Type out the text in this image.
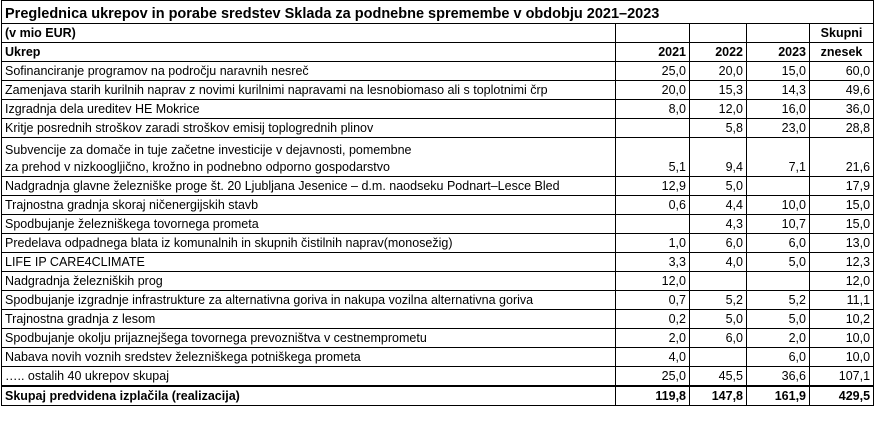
Preglednica ukrepov in porabe sredstev Sklada za podnebne spremembe v obdobju 2021–2023				
(v mio EUR)				Skupni
Ukrep	2021	2022	2023	znesek
Sofinanciranje programov na področju naravnih nesreč	25,0	20,0	15,0	60,0
Zamenjava starih kurilnih naprav z novimi kurilnimi napravami na lesnobiomaso ali s toplotnimi črp	20,0	15,3	14,3	49,6
Izgradnja dela ureditev HE Mokrice	8,0	12,0	16,0	36,0
Kritje posrednih stroškov zaradi stroškov emisij toplogrednih plinov		5,8	23,0	28,8

Subvencije za domače in tuje začetne investicije v dejavnosti, pomembne
za prehod v nizkoogljično, krožno in podnebno odporno gospodarstvo	5,1	9,4	7,1	21,6
Nadgradnja glavne železniške proge št. 20 Ljubljana Jesenice – d.m. naodseku Podnart–Lesce Bled	12,9	5,0		17,9
Trajnostna gradnja skoraj ničenergijskih stavb	0,6	4,4	10,0	15,0
Spodbujanje železniškega tovornega prometa		4,3	10,7	15,0
Predelava odpadnega blata iz komunalnih in skupnih čistilnih naprav(monosežig)	1,0	6,0	6,0	13,0
LIFE IP CARE4CLIMATE	3,3	4,0	5,0	12,3
Nadgradnja železniških prog	12,0			12,0
Spodbujanje izgradnje infrastrukture za alternativna goriva in nakupa vozilna alternativna goriva	0,7	5,2	5,2	11,1
Trajnostna gradnja z lesom	0,2	5,0	5,0	10,2
Spodbujanje okolju prijaznejšega tovornega prevozništva v cestnemprometu	2,0	6,0	2,0	10,0
Nabava novih voznih sredstev železniškega potniškega prometa	4,0		6,0	10,0
….. ostalih 40 ukrepov skupaj	25,0	45,5	36,6	107,1
Skupaj predvidena izplačila (realizacija)	119,8	147,8	161,9	429,5
